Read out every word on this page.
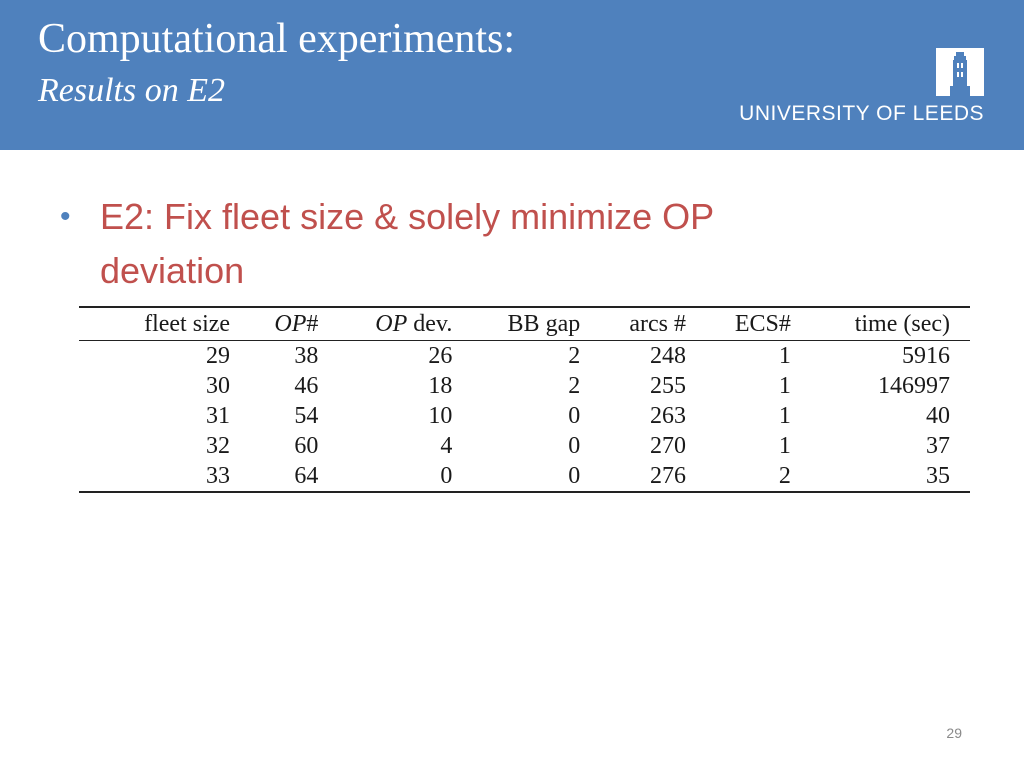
Computational experiments:
Results on E2
UNIVERSITY OF LEEDS
• E2: Fix fleet size & solely minimize OP deviation
fleet size	OP#	OP dev.	BB gap	arcs #	ECS#	time (sec)
29	38	26	2	248	1	5916
30	46	18	2	255	1	146997
31	54	10	0	263	1	40
32	60	4	0	270	1	37
33	64	0	0	276	2	35
29
